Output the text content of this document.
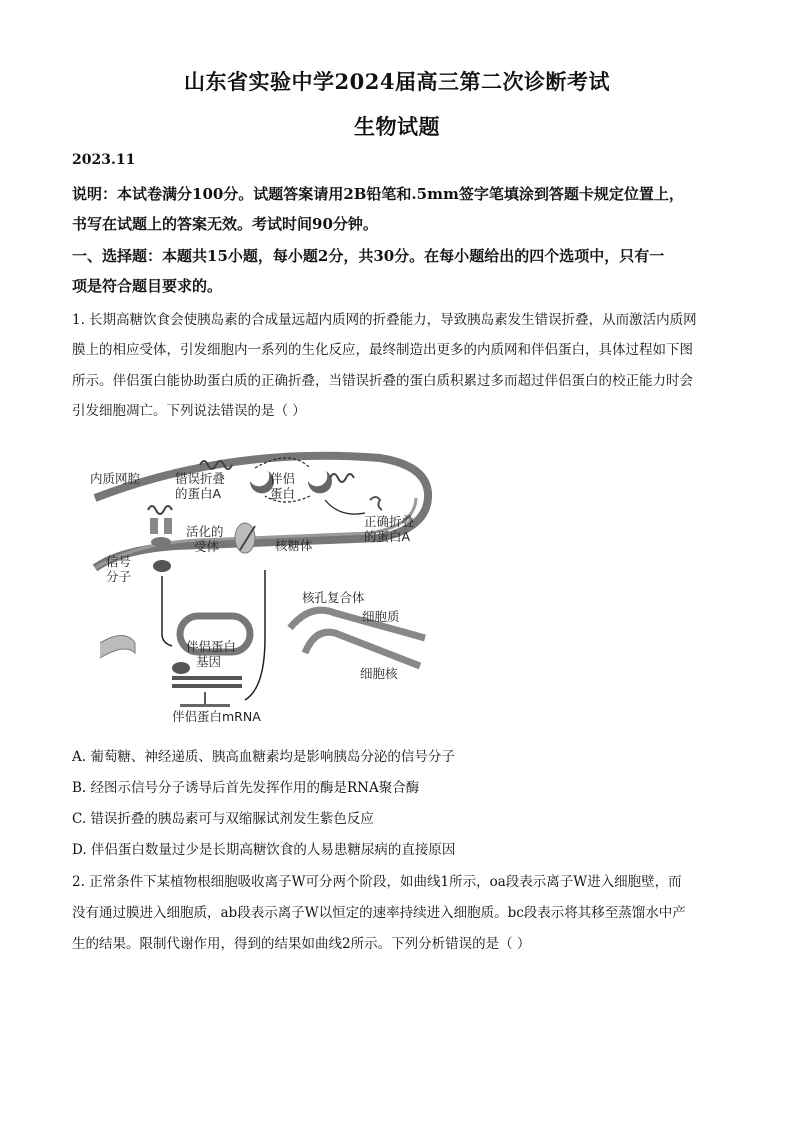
山东省实验中学2024届高三第二次诊断考试
生物试题
2023.11
说明：本试卷满分100分。试题答案请用2B铅笔和.5mm签字笔填涂到答题卡规定位置上，
书写在试题上的答案无效。考试时间90分钟。
一、选择题：本题共15小题，每小题2分，共30分。在每小题给出的四个选项中，只有一
项是符合题目要求的。
1. 长期高糖饮食会使胰岛素的合成量远超内质网的折叠能力，导致胰岛素发生错误折叠，从而激活内质网
膜上的相应受体，引发细胞内一系列的生化反应，最终制造出更多的内质网和伴侣蛋白，具体过程如下图
所示。伴侣蛋白能协助蛋白质的正确折叠，当错误折叠的蛋白质积累过多而超过伴侣蛋白的校正能力时会
引发细胞凋亡。下列说法错误的是（ ）
内质网腔	错误折叠
的蛋白A
伴侣
蛋白
正确折叠
的蛋白A
活化的
受体	核糖体
信号
分子
核孔复合体
细胞质
伴侣蛋白
基因
细胞核
伴侣蛋白mRNA
A. 葡萄糖、神经递质、胰高血糖素均是影响胰岛分泌的信号分子
B. 经图示信号分子诱导后首先发挥作用的酶是RNA聚合酶
C. 错误折叠的胰岛素可与双缩脲试剂发生紫色反应
D. 伴侣蛋白数量过少是长期高糖饮食的人易患糖尿病的直接原因
2. 正常条件下某植物根细胞吸收离子W可分两个阶段，如曲线1所示，oa段表示离子W进入细胞壁，而
没有通过膜进入细胞质，ab段表示离子W以恒定的速率持续进入细胞质。bc段表示将其移至蒸馏水中产
生的结果。限制代谢作用，得到的结果如曲线2所示。下列分析错误的是（ ）
